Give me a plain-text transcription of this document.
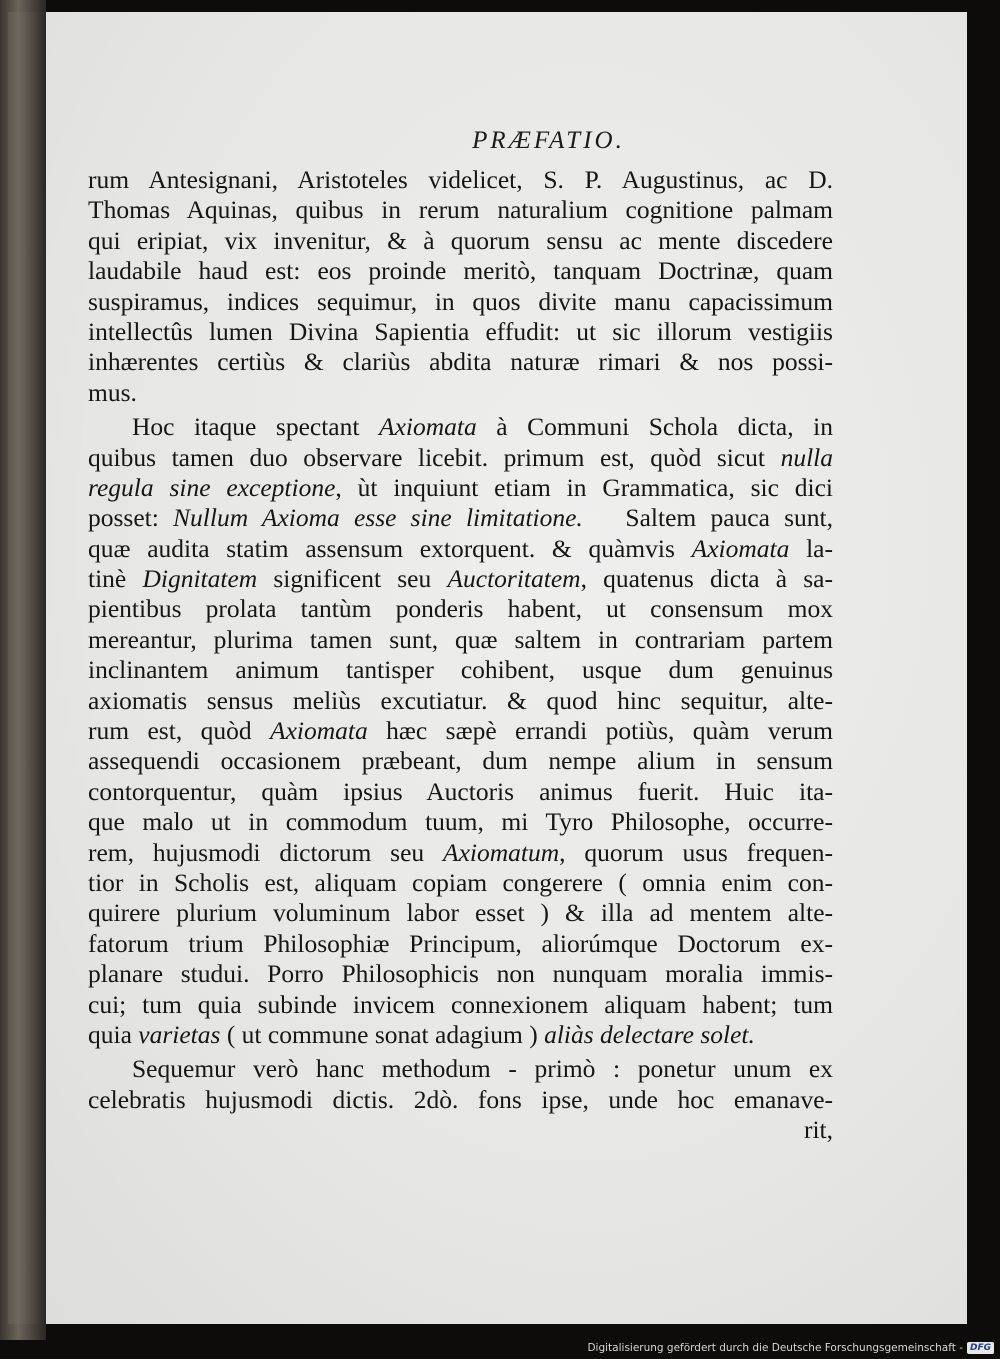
PRÆFATIO.
rum Antesignani, Aristoteles videlicet, S. P. Augustinus, ac D.
Thomas Aquinas, quibus in rerum naturalium cognitione palmam
qui eripiat, vix invenitur, & à quorum sensu ac mente discedere
laudabile haud est: eos proinde meritò, tanquam Doctrinæ, quam
suspiramus, indices sequimur, in quos divite manu capacissimum
intellectûs lumen Divina Sapientia effudit: ut sic illorum vestigiis
inhærentes certiùs & clariùs abdita naturæ rimari & nos possi-
mus.
Hoc itaque spectant Axiomata à Communi Schola dicta, in
quibus tamen duo observare licebit. primum est, quòd sicut nulla
regula sine exceptione, ùt inquiunt etiam in Grammatica, sic dici
posset: Nullum Axioma esse sine limitatione.   Saltem pauca sunt,
quæ audita statim assensum extorquent. & quàmvis Axiomata la-
tinè Dignitatem significent seu Auctoritatem, quatenus dicta à sa-
pientibus prolata tantùm ponderis habent, ut consensum mox
mereantur, plurima tamen sunt, quæ saltem in contrariam partem
inclinantem animum tantisper cohibent, usque dum genuinus
axiomatis sensus meliùs excutiatur. & quod hinc sequitur, alte-
rum est, quòd Axiomata hæc sæpè errandi potiùs, quàm verum
assequendi occasionem præbeant, dum nempe alium in sensum
contorquentur, quàm ipsius Auctoris animus fuerit. Huic ita-
que malo ut in commodum tuum, mi Tyro Philosophe, occurre-
rem, hujusmodi dictorum seu Axiomatum, quorum usus frequen-
tior in Scholis est, aliquam copiam congerere ( omnia enim con-
quirere plurium voluminum labor esset ) & illa ad mentem alte-
fatorum trium Philosophiæ Principum, aliorúmque Doctorum ex-
planare studui. Porro Philosophicis non nunquam moralia immis-
cui; tum quia subinde invicem connexionem aliquam habent; tum
quia varietas ( ut commune sonat adagium ) aliàs delectare solet.
Sequemur verò hanc methodum - primò : ponetur unum ex
celebratis hujusmodi dictis. 2dò. fons ipse, unde hoc emanave-
rit,
Digitalisierung gefördert durch die Deutsche Forschungsgemeinschaft - DFG
